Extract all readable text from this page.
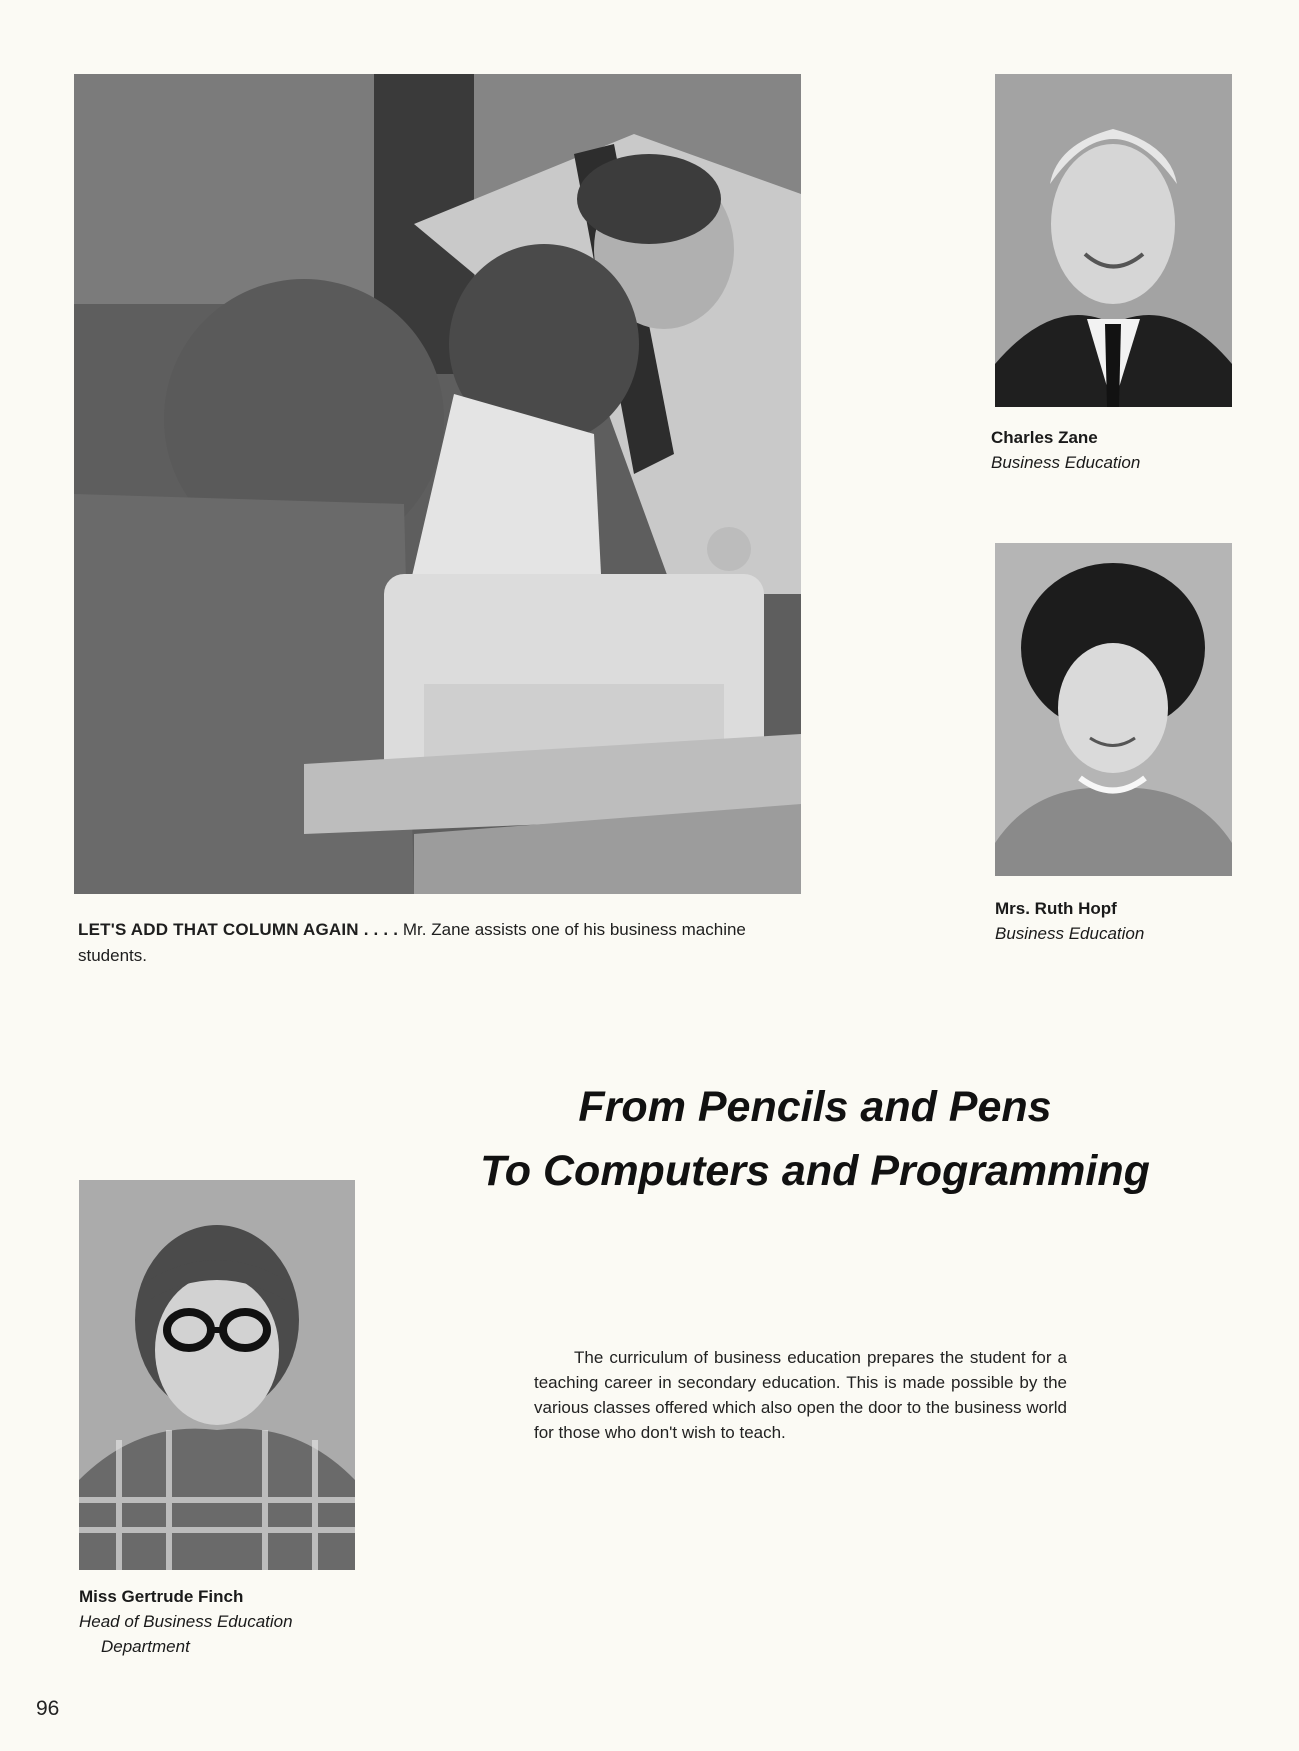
LET'S ADD THAT COLUMN AGAIN . . . . Mr. Zane assists one of his business machine students.
Charles Zane
Business Education
Mrs. Ruth Hopf
Business Education
From Pencils and Pens
To Computers and Programming
Miss Gertrude Finch
Head of Business Education
Department
The curriculum of business education prepares the student for a teaching career in secondary education. This is made possible by the various classes offered which also open the door to the business world for those who don't wish to teach.
96
